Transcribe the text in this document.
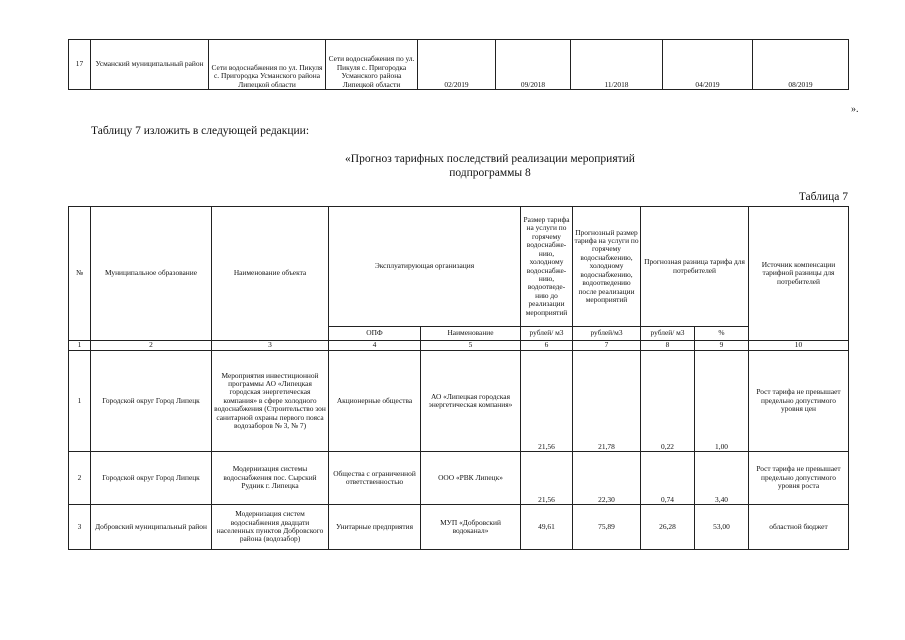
17	Усманский муниципальный район	Сети водоснабжения по ул. Пикуля с. Пригородка Усманского района Липецкой области	Сети водоснабжения по ул. Пикуля с. Пригородка Усманского района Липецкой области	02/2019	09/2018	11/2018	04/2019	08/2019
».
Таблицу 7 изложить в следующей редакции:
«Прогноз тарифных последствий реализации мероприятий
подпрограммы 8
Таблица 7
№	Муниципальное образование	Наименование объекта	Эксплуатирующая организация		Размер тарифа на услуги по горячему водоснабже-нию, холодному водоснабже-нию, водоотведе-нию до реализации мероприятий	Прогнозный размер тарифа на услуги по горячему водоснабжению, холодному водоснабжению, водоотведению после реализации мероприятий	Прогнозная разница тарифа для потребителей		Источник компенсации тарифной разницы для потребителей
			ОПФ	Наименование	рублей/ м3	рублей/м3	рублей/ м3	%	
1	2	3	4	5	6	7	8	9	10
1	Городской округ Город Липецк	Мероприятия инвестиционной программы АО «Липецкая городская энергетическая компания» в сфере холодного водоснабжения (Строительство зон санитарной охраны первого пояса водозаборов № 3, № 7)	Акционерные общества	АО «Липецкая городская энергетическая компания»	21,56	21,78	0,22	1,00	Рост тарифа не превышает предельно допустимого уровня цен
2	Городской округ Город Липецк	Модернизация системы водоснабжения пос. Сырский Рудник г. Липецка	Общества с ограниченной ответственностью	ООО «РВК Липецк»	21,56	22,30	0,74	3,40	Рост тарифа не превышает предельно допустимого уровня роста
3	Добровский муниципальный район	Модернизация систем водоснабжения двадцати населенных пунктов Добровского района (водозабор)	Унитарные предприятия	МУП «Добровский водоканал»	49,61	75,89	26,28	53,00	областной бюджет
